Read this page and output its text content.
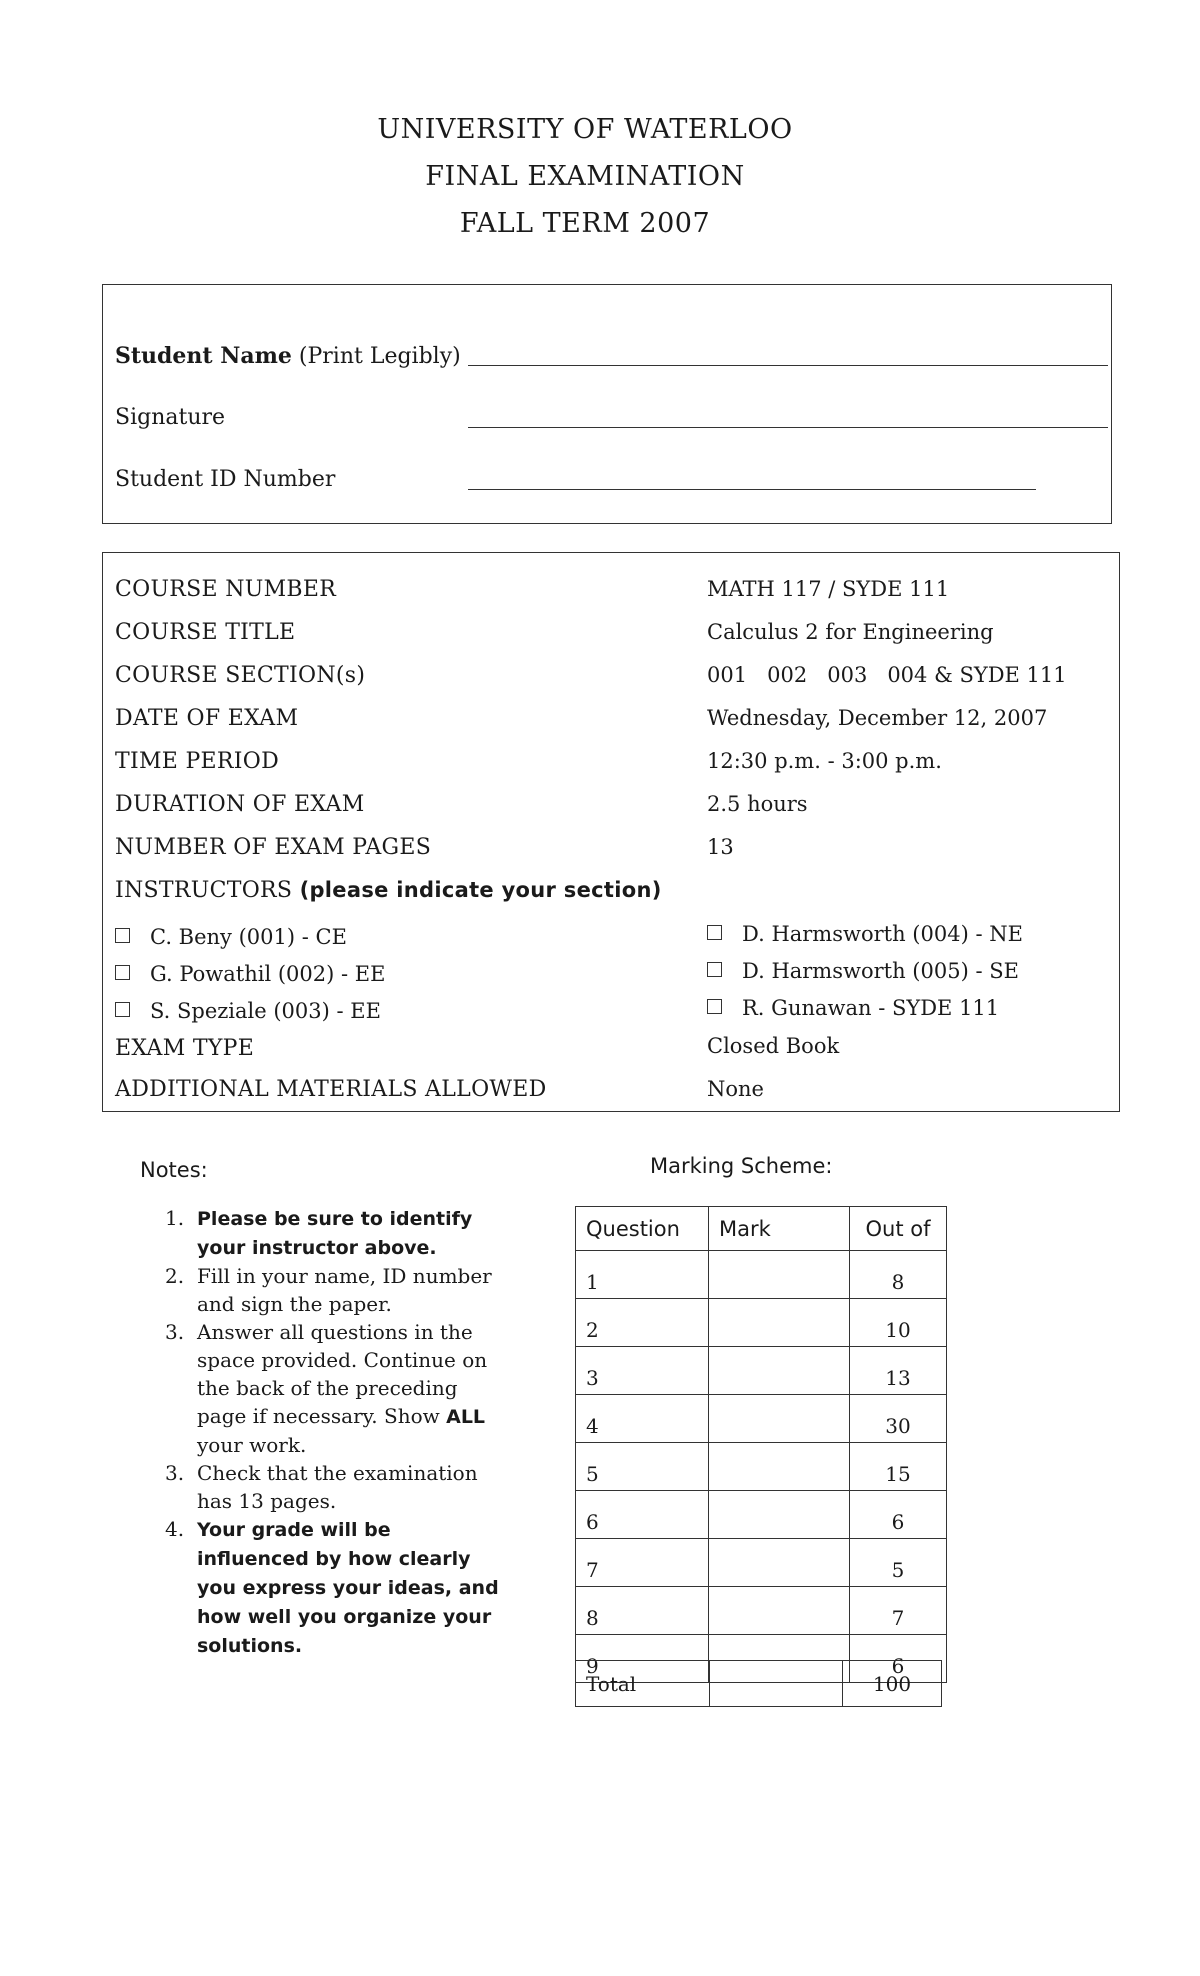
UNIVERSITY OF WATERLOO
FINAL EXAMINATION
FALL TERM 2007
Student Name (Print Legibly)
Signature
Student ID Number
COURSE NUMBER	MATH 117 / SYDE 111
COURSE TITLE	Calculus 2 for Engineering
COURSE SECTION(s)	001   002   003   004 & SYDE 111
DATE OF EXAM	Wednesday, December 12, 2007
TIME PERIOD	12:30 p.m. - 3:00 p.m.
DURATION OF EXAM	2.5 hours
NUMBER OF EXAM PAGES	13
INSTRUCTORS (please indicate your section)
C. Beny (001) - CE
G. Powathil (002) - EE
S. Speziale (003) - EE
D. Harmsworth (004) - NE
D. Harmsworth (005) - SE
R. Gunawan - SYDE 111
EXAM TYPE	Closed Book
ADDITIONAL MATERIALS ALLOWED	None
Notes:
1. Please be sure to identify your instructor above.
2. Fill in your name, ID number and sign the paper.
3. Answer all questions in the space provided. Continue on the back of the preceding page if necessary. Show ALL your work.
3. Check that the examination has 13 pages.
4. Your grade will be influenced by how clearly you express your ideas, and how well you organize your solutions.
Marking Scheme:
Question	Mark	Out of
1		8
2		10
3		13
4		30
5		15
6		6
7		5
8		7
9		6
Total		100
